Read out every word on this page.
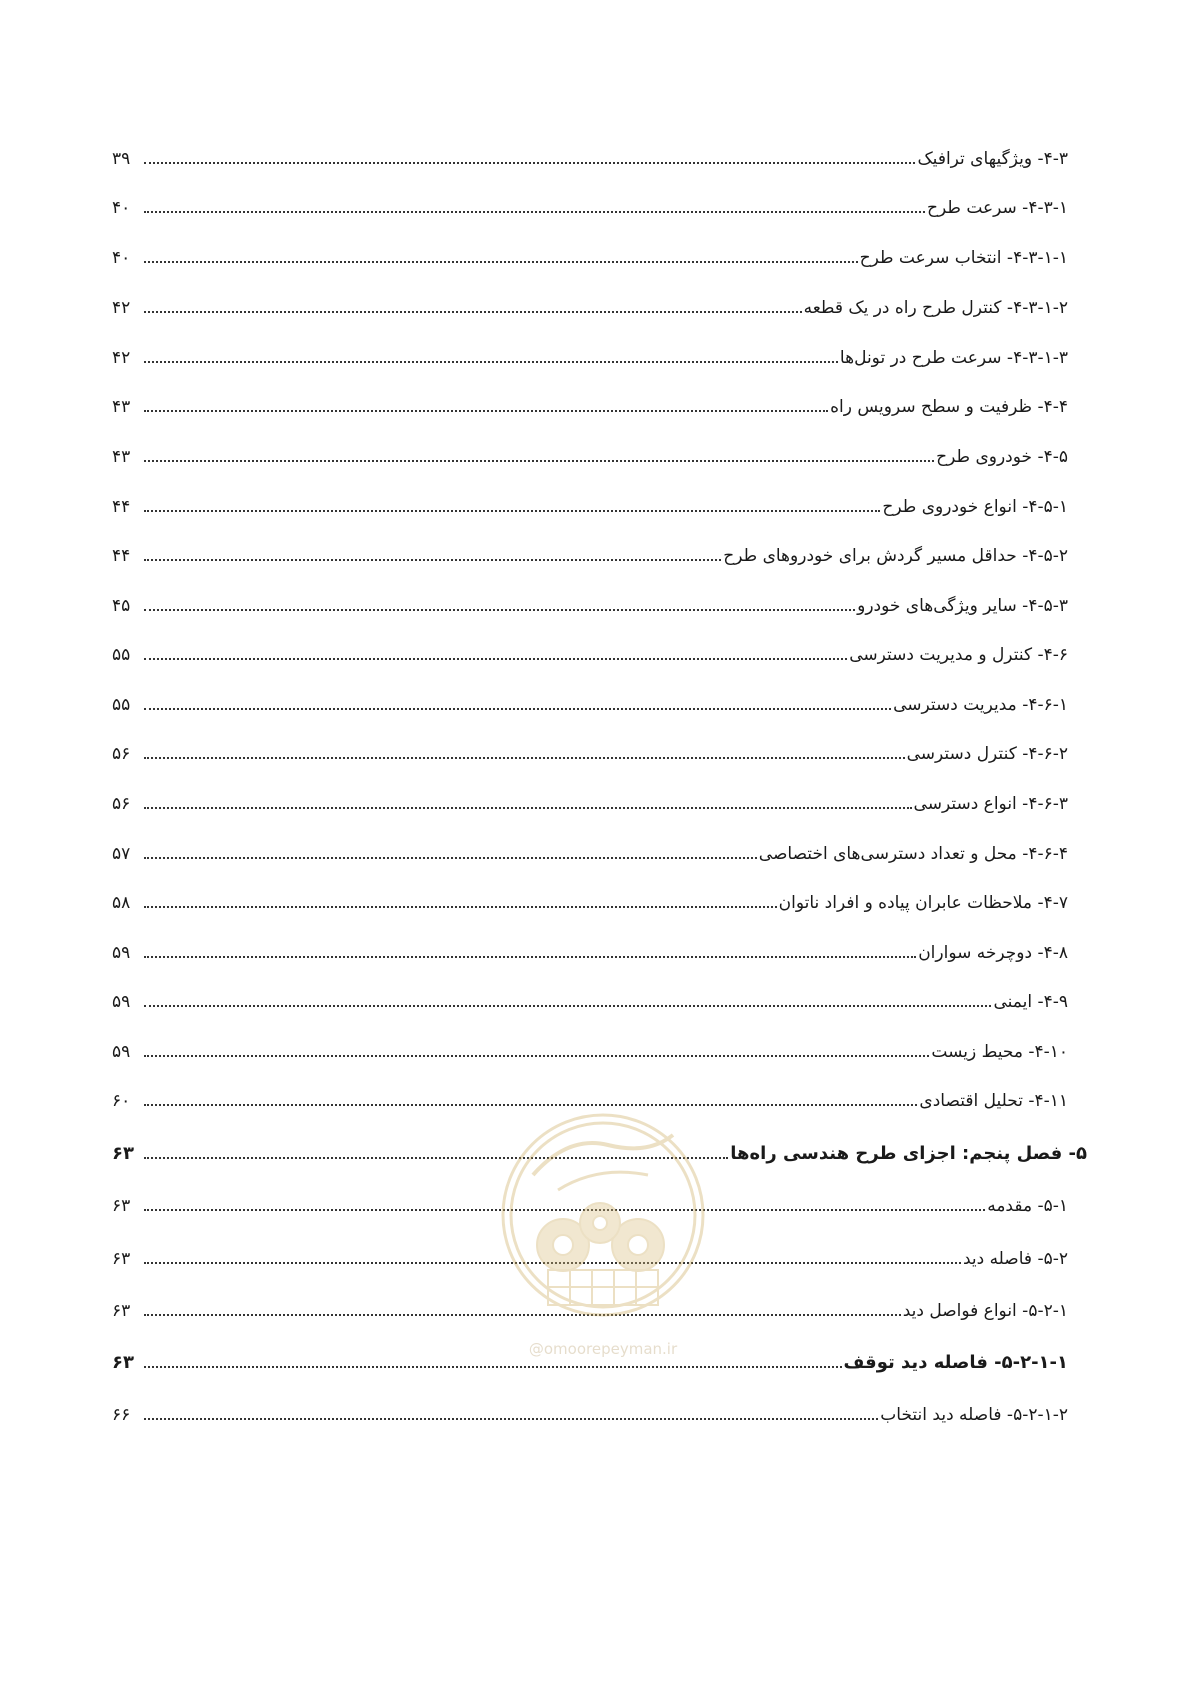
۴-۳- ویژگیهای ترافیک
۳۹
۴-۳-۱- سرعت طرح
۴۰
۴-۳-۱-۱- انتخاب سرعت طرح
۴۰
۴-۳-۱-۲- کنترل طرح راه در یک قطعه
۴۲
۴-۳-۱-۳- سرعت طرح در تونل‌ها
۴۲
۴-۴- ظرفیت و سطح سرویس راه
۴۳
۴-۵- خودروی طرح
۴۳
۴-۵-۱- انواع خودروی طرح
۴۴
۴-۵-۲- حداقل مسیر گردش برای خودروهای طرح
۴۴
۴-۵-۳- سایر ویژگی‌های خودرو
۴۵
۴-۶- کنترل و مدیریت دسترسی
۵۵
۴-۶-۱- مدیریت دسترسی
۵۵
۴-۶-۲- کنترل دسترسی
۵۶
۴-۶-۳- انواع دسترسی
۵۶
۴-۶-۴- محل و تعداد دسترسی‌های اختصاصی
۵۷
۴-۷- ملاحظات عابران پیاده و افراد ناتوان
۵۸
۴-۸- دوچرخه سواران
۵۹
۴-۹- ایمنی
۵۹
۴-۱۰- محیط زیست
۵۹
۴-۱۱- تحلیل اقتصادی
۶۰
۵- فصل پنجم: اجزای طرح هندسی راه‌ها
۶۳
۵-۱- مقدمه
۶۳
۵-۲- فاصله دید
۶۳
۵-۲-۱- انواع فواصل دید
۶۳
۵-۲-۱-۱- فاصله دید توقف
۶۳
۵-۲-۱-۲- فاصله دید انتخاب
۶۶
@omoorepeyman.ir
